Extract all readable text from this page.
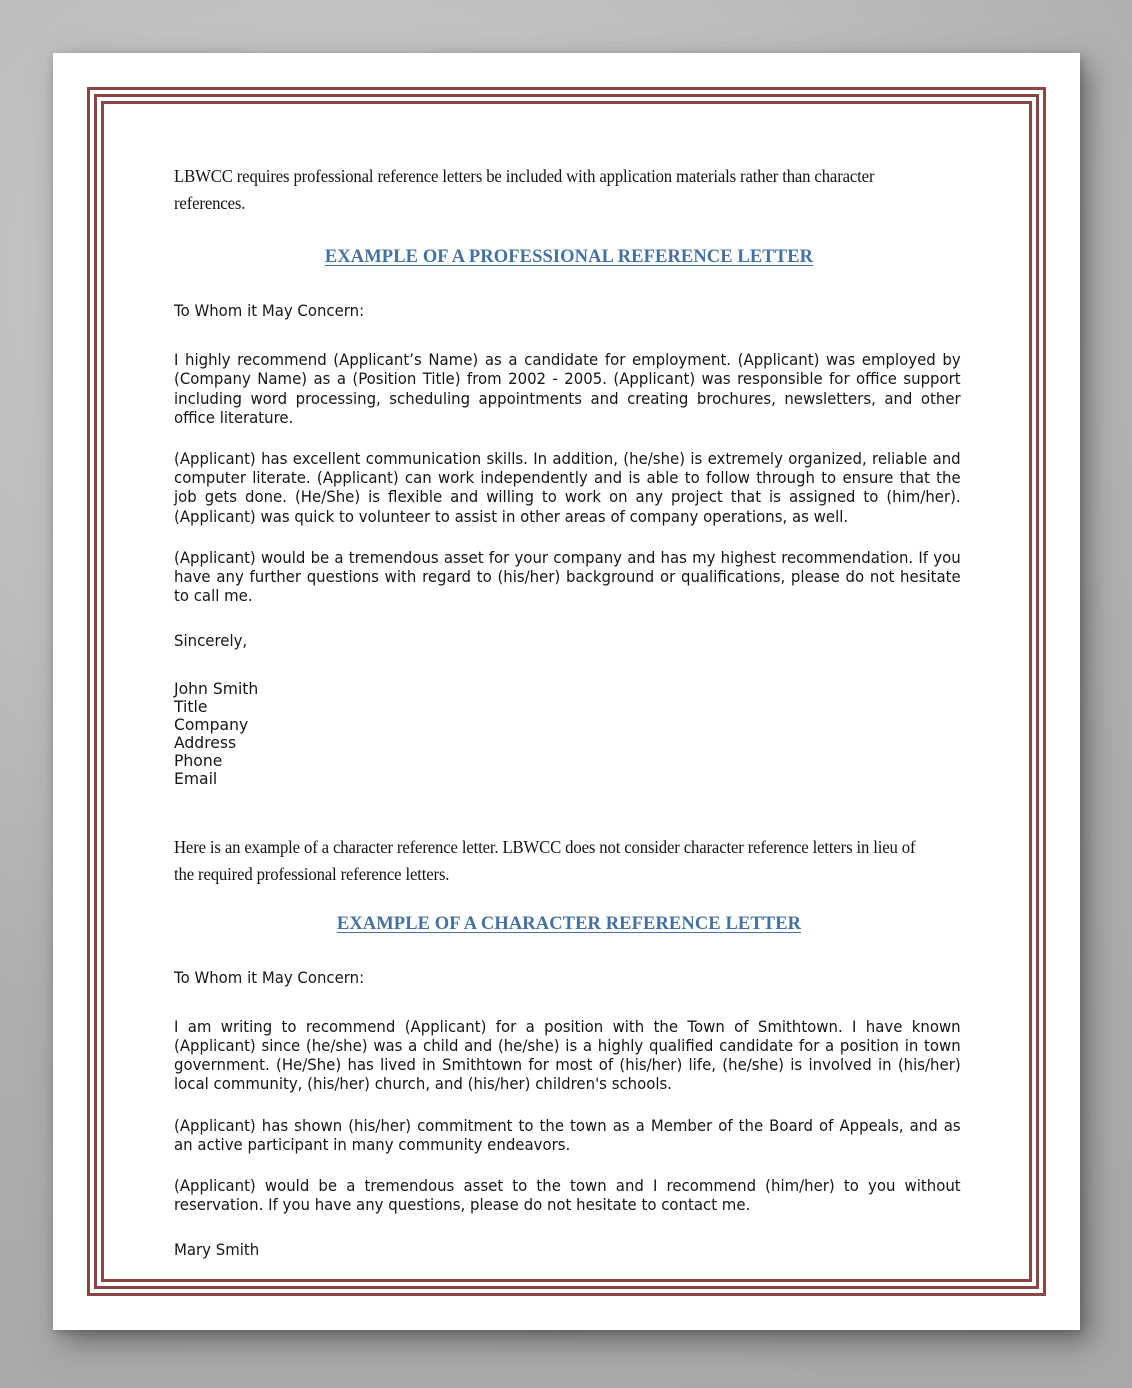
LBWCC requires professional reference letters be included with application materials rather than character references.

EXAMPLE OF A PROFESSIONAL REFERENCE LETTER
To Whom it May Concern:

I highly recommend (Applicant’s Name) as a candidate for employment. (Applicant) was employed by (Company Name) as a (Position Title) from 2002 - 2005. (Applicant) was responsible for office support including word processing, scheduling appointments and creating brochures, newsletters, and other office literature.

(Applicant) has excellent communication skills. In addition, (he/she) is extremely organized, reliable and computer literate. (Applicant) can work independently and is able to follow through to ensure that the job gets done. (He/She) is flexible and willing to work on any project that is assigned to (him/her). (Applicant) was quick to volunteer to assist in other areas of company operations, as well.

(Applicant) would be a tremendous asset for your company and has my highest recommendation. If you have any further questions with regard to (his/her) background or qualifications, please do not hesitate to call me.

Sincerely,
John Smith
Title
Company
Address
Phone
Email

Here is an example of a character reference letter. LBWCC does not consider character reference letters in lieu of the required professional reference letters.

EXAMPLE OF A CHARACTER REFERENCE LETTER
To Whom it May Concern:

I am writing to recommend (Applicant) for a position with the Town of Smithtown. I have known (Applicant) since (he/she) was a child and (he/she) is a highly qualified candidate for a position in town government. (He/She) has lived in Smithtown for most of (his/her) life, (he/she) is involved in (his/her) local community, (his/her) church, and (his/her) children's schools.

(Applicant) has shown (his/her) commitment to the town as a Member of the Board of Appeals, and as an active participant in many community endeavors.

(Applicant) would be a tremendous asset to the town and I recommend (him/her) to you without reservation. If you have any questions, please do not hesitate to contact me.

Mary Smith
